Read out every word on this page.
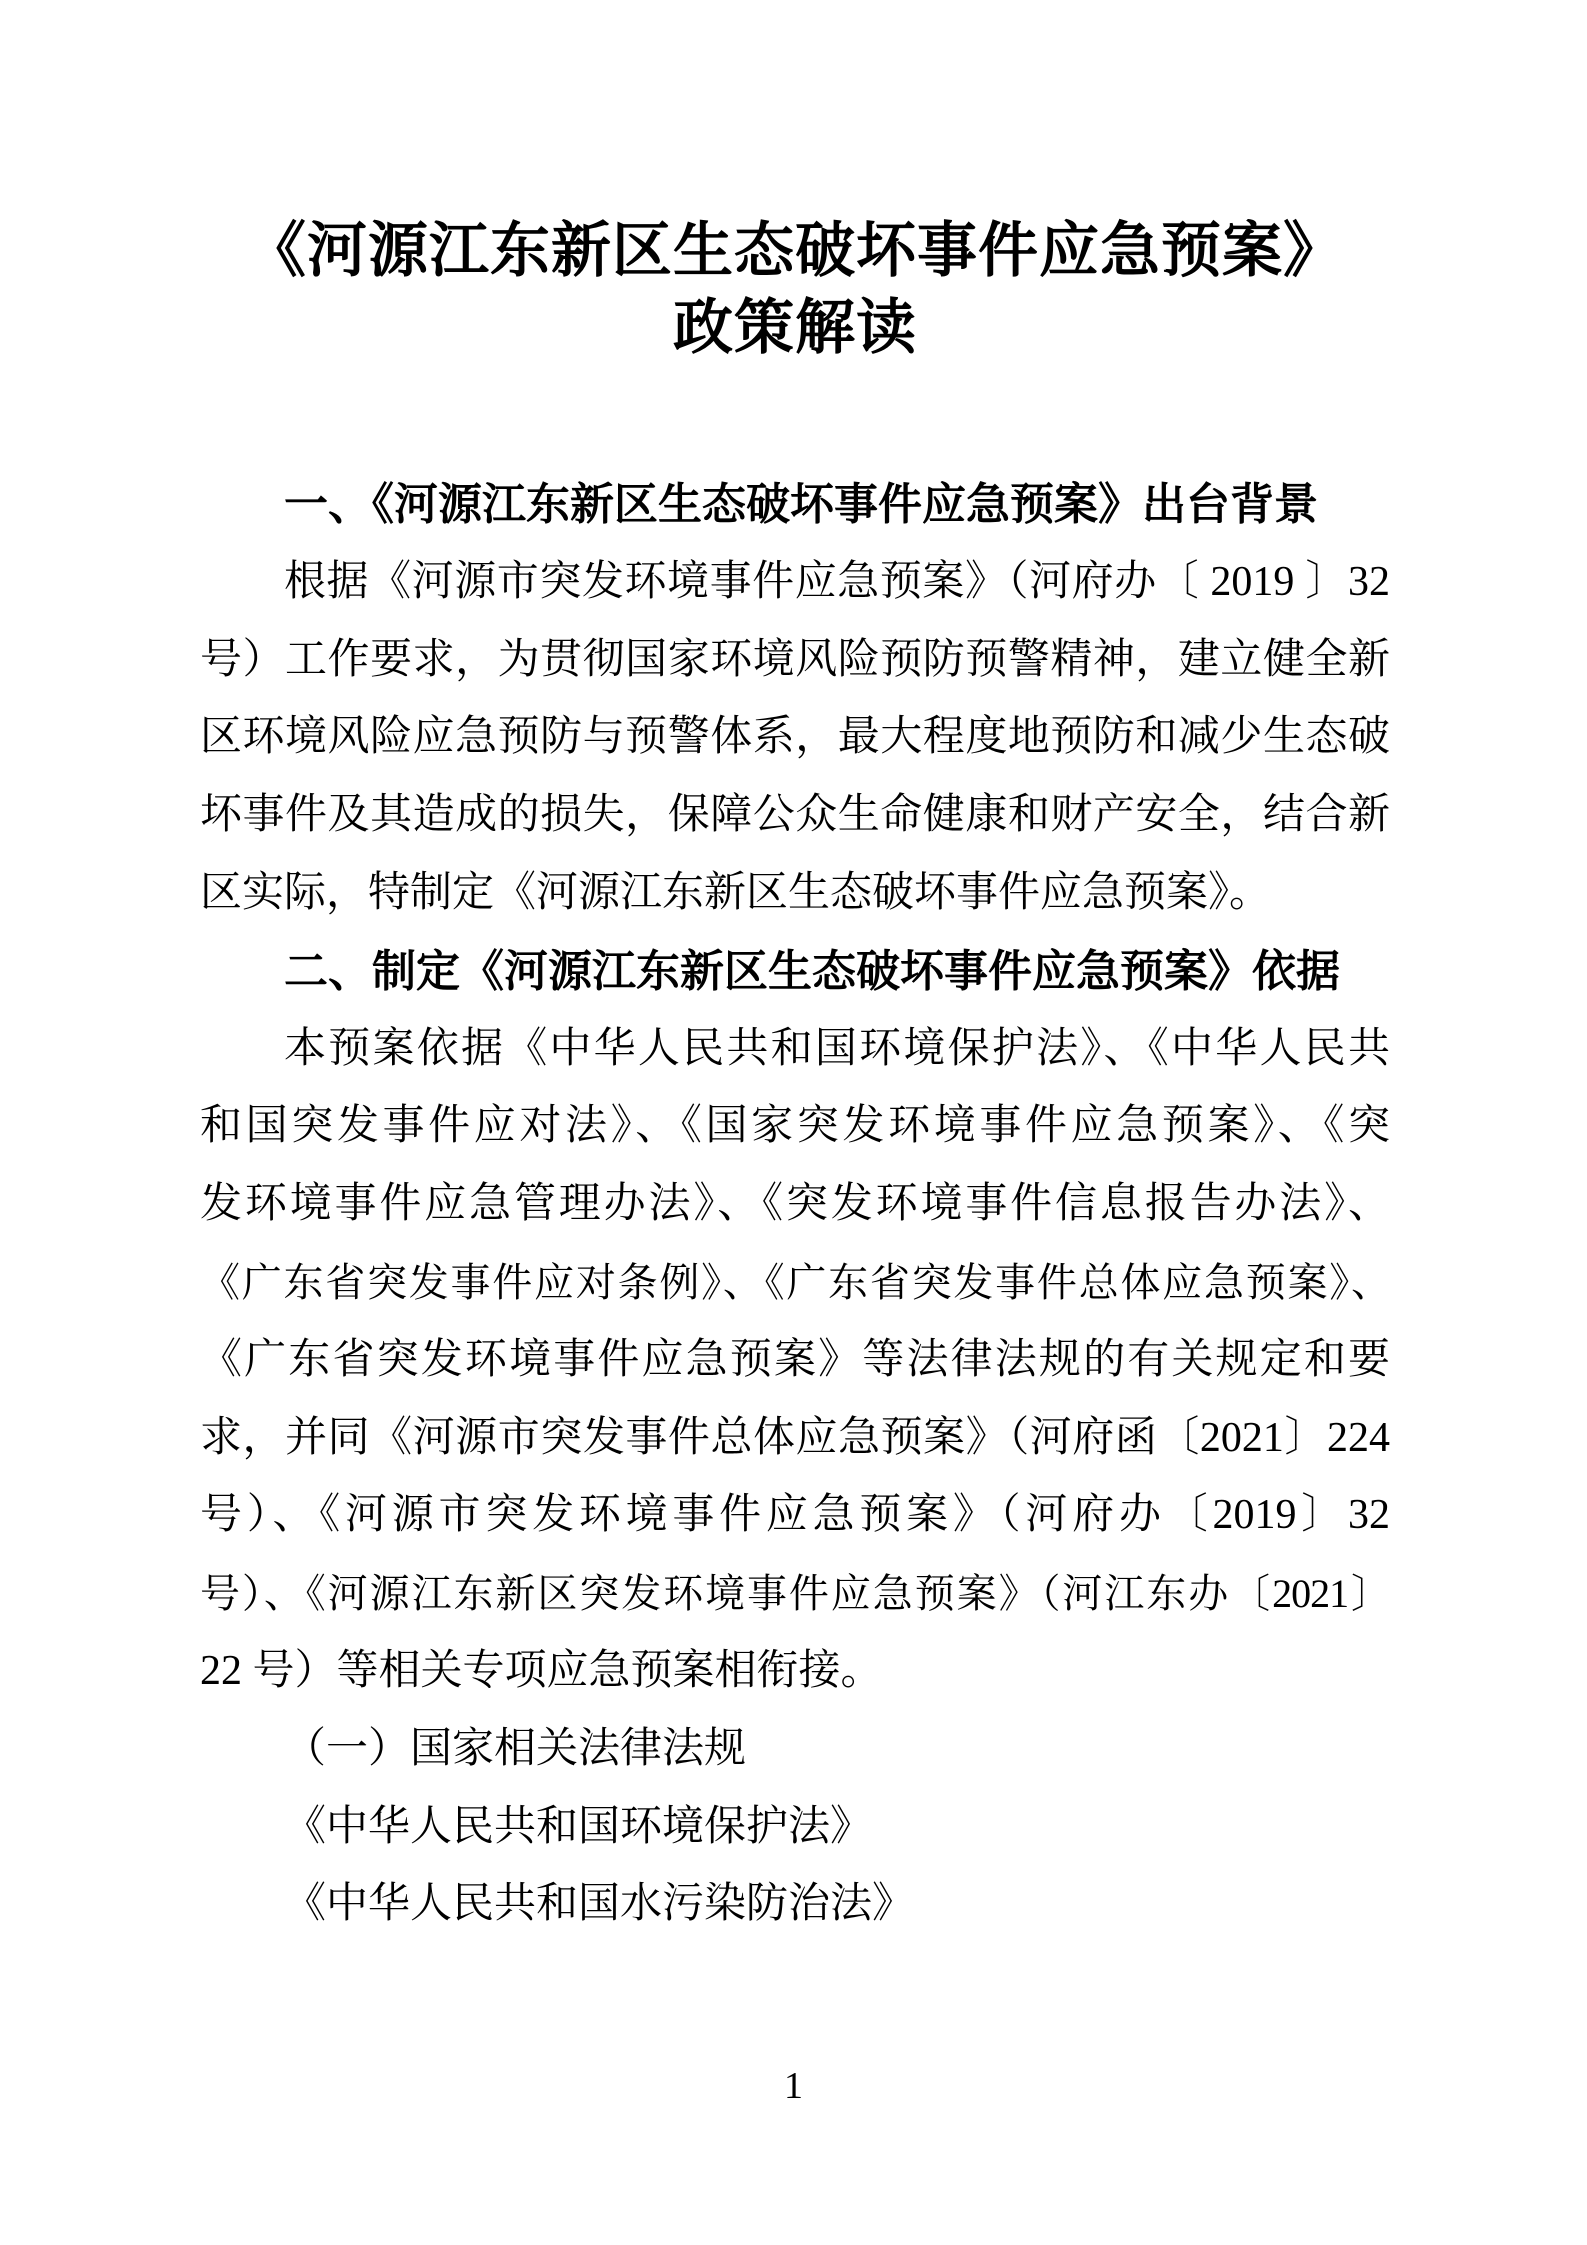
《河源江东新区生态破坏事件应急预案》
政策解读
一、《河源江东新区生态破坏事件应急预案》出台背景
根据《河源市突发环境事件应急预案》（河府办〔 2019 〕32
号）工作要求，为贯彻国家环境风险预防预警精神，建立健全新
区环境风险应急预防与预警体系，最大程度地预防和减少生态破
坏事件及其造成的损失，保障公众生命健康和财产安全，结合新
区实际，特制定《河源江东新区生态破坏事件应急预案》。
二、制定《河源江东新区生态破坏事件应急预案》依据
本预案依据《中华人民共和国环境保护法》、《中华人民共
和国突发事件应对法》、《国家突发环境事件应急预案》、《突
发环境事件应急管理办法》、《突发环境事件信息报告办法》、
《广东省突发事件应对条例》、《广东省突发事件总体应急预案》、
《广东省突发环境事件应急预案》等法律法规的有关规定和要
求，并同《河源市突发事件总体应急预案》（河府函〔2021〕224
号）、《河源市突发环境事件应急预案》（河府办〔2019〕32
号）、《河源江东新区突发环境事件应急预案》（河江东办〔2021〕
22 号）等相关专项应急预案相衔接。
（一）国家相关法律法规
《中华人民共和国环境保护法》
《中华人民共和国水污染防治法》
1
